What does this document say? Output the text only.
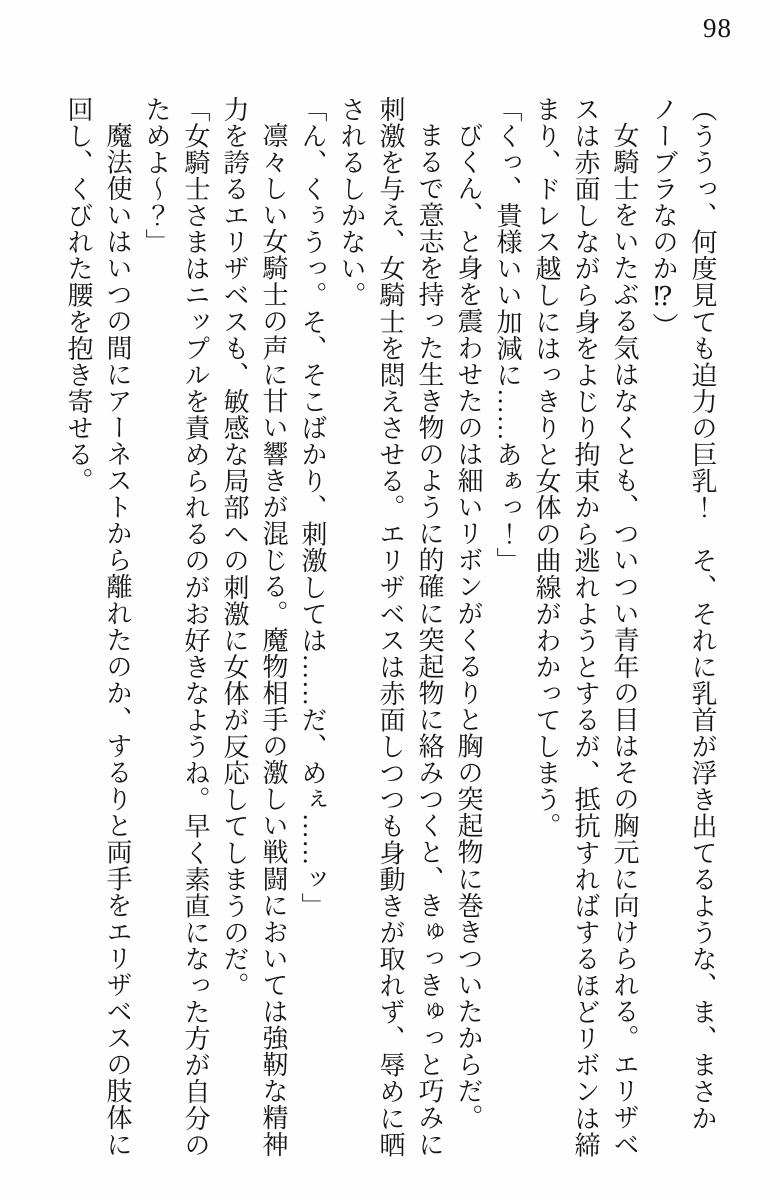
98

（ううっ、何度見ても迫力の巨乳！　そ、それに乳首が浮き出てるような、ま、まさかノーブラなのか⁉）

女騎士をいたぶる気はなくとも、ついつい青年の目はその胸元に向けられる。エリザベスは赤面しながら身をよじり拘束から逃れようとするが、抵抗すればするほどリボンは締まり、ドレス越しにはっきりと女体の曲線がわかってしまう。

「くっ、貴様いい加減に……あぁっ！」

びくん、と身を震わせたのは細いリボンがくるりと胸の突起物に巻きついたからだ。

まるで意志を持った生き物のように的確に突起物に絡みつくと、きゅっきゅっと巧みに刺激を与え、女騎士を悶えさせる。エリザベスは赤面しつつも身動きが取れず、辱めに晒されるしかない。

「ん、くぅうっ。そ、そこばかり、刺激しては……だ、めぇ……ッ」

凛々しい女騎士の声に甘い響きが混じる。魔物相手の激しい戦闘においては強靭な精神力を誇るエリザベスも、敏感な局部への刺激に女体が反応してしまうのだ。

「女騎士さまはニップルを責められるのがお好きなようね。早く素直になった方が自分のためよ～？」

魔法使いはいつの間にアーネストから離れたのか、するりと両手をエリザベスの肢体に回し、くびれた腰を抱き寄せる。
